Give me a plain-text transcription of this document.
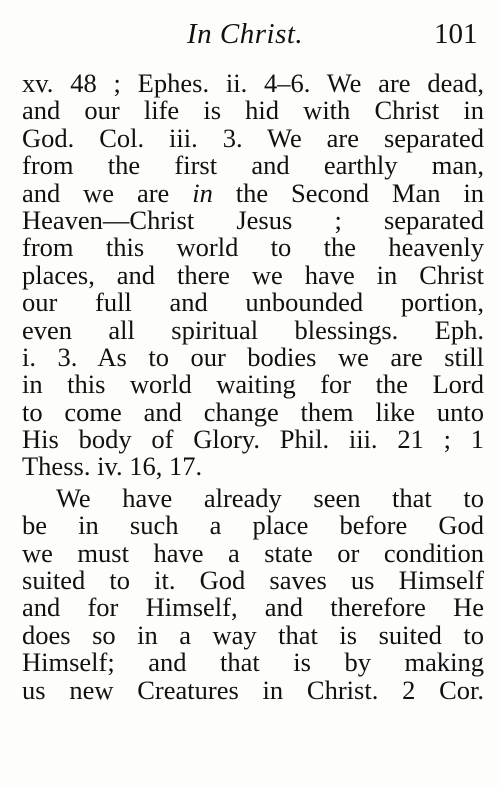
In Christ.	101
xv. 48 ; Ephes. ii. 4–6. We are dead,
and our life is hid with Christ in
God. Col. iii. 3. We are separated
from the first and earthly man,
and we are in the Second Man in
Heaven—Christ Jesus ; separated
from this world to the heavenly
places, and there we have in Christ
our full and unbounded portion,
even all spiritual blessings. Eph.
i. 3. As to our bodies we are still
in this world waiting for the Lord
to come and change them like unto
His body of Glory. Phil. iii. 21 ; 1
Thess. iv. 16, 17.
We have already seen that to
be in such a place before God
we must have a state or condition
suited to it. God saves us Himself
and for Himself, and therefore He
does so in a way that is suited to
Himself; and that is by making
us new Creatures in Christ. 2 Cor.
